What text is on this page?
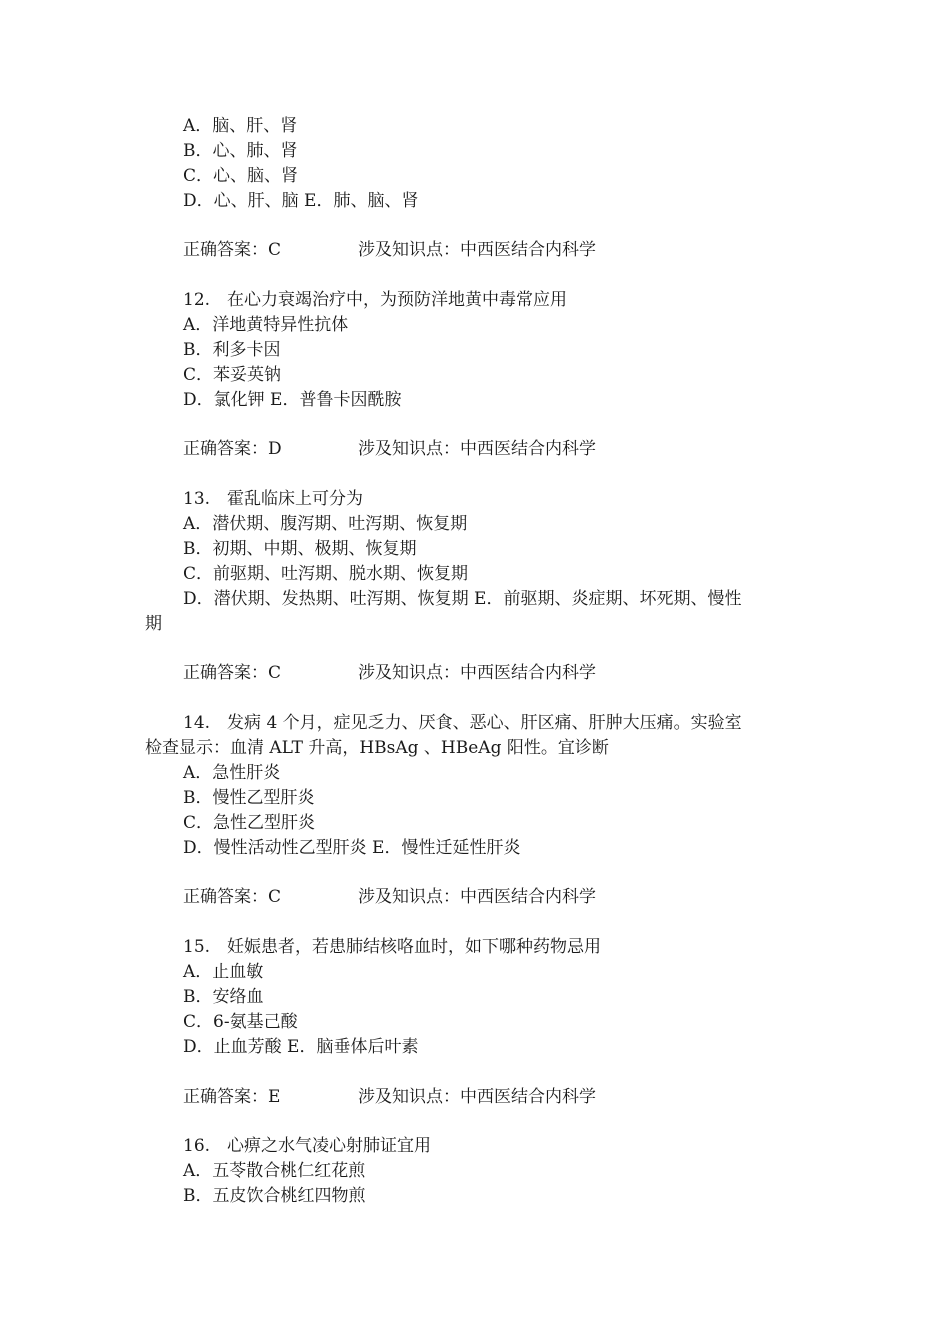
A．脑、肝、肾
B．心、肺、肾
C．心、脑、肾
D．心、肝、脑 E．肺、脑、肾
正确答案：C	涉及知识点：中西医结合内科学
12.　在心力衰竭治疗中，为预防洋地黄中毒常应用
A．洋地黄特异性抗体
B．利多卡因
C．苯妥英钠
D．氯化钾 E．普鲁卡因酰胺
正确答案：D	涉及知识点：中西医结合内科学
13.　霍乱临床上可分为
A．潜伏期、腹泻期、吐泻期、恢复期
B．初期、中期、极期、恢复期
C．前驱期、吐泻期、脱水期、恢复期
D．潜伏期、发热期、吐泻期、恢复期 E．前驱期、炎症期、坏死期、慢性
期
正确答案：C	涉及知识点：中西医结合内科学
14.　发病 4 个月，症见乏力、厌食、恶心、肝区痛、肝肿大压痛。实验室
检查显示：血清 ALT 升高，HBsAg 、HBeAg 阳性。宜诊断
A．急性肝炎
B．慢性乙型肝炎
C．急性乙型肝炎
D．慢性活动性乙型肝炎 E．慢性迁延性肝炎
正确答案：C	涉及知识点：中西医结合内科学
15.　妊娠患者，若患肺结核咯血时，如下哪种药物忌用
A．止血敏
B．安络血
C．6-氨基己酸
D．止血芳酸 E．脑垂体后叶素
正确答案：E	涉及知识点：中西医结合内科学
16.　心痹之水气凌心射肺证宜用
A．五苓散合桃仁红花煎
B．五皮饮合桃红四物煎
